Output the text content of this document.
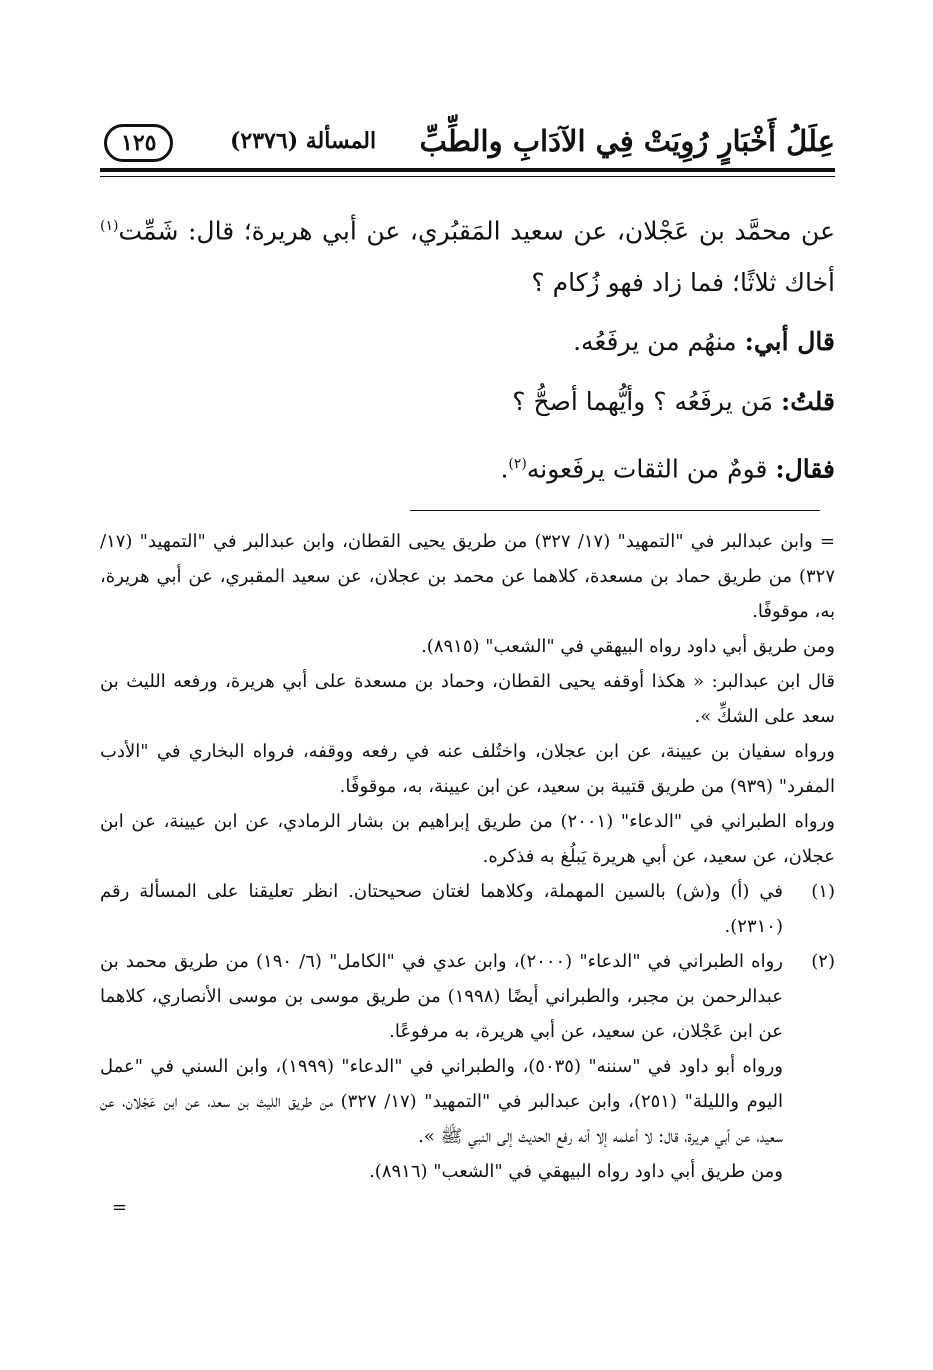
عِلَلُ أَخْبَارٍ رُوِيَتْ فِي الآدَابِ والطِّبِّ
المسألة (٢٣٧٦)
١٢٥

عن محمَّد بن عَجْلان، عن سعيد المَقبُري، عن أبي هريرة؛ قال: شَمِّت$^{(١)}$ أخاك ثلاثًا؛ فما زاد فهو زُكام ؟

قال أبي: منهُم من يرفَعُه.
قلتُ: مَن يرفَعُه ؟ وأيُّهما أصحُّ ؟
فقال: قومٌ من الثقات يرفَعونه$^{(٢)}$.

= وابن عبدالبر في "التمهيد" (١٧/ ٣٢٧) من طريق يحيى القطان، وابن عبدالبر في "التمهيد" (١٧/ ٣٢٧) من طريق حماد بن مسعدة، كلاهما عن محمد بن عجلان، عن سعيد المقبري، عن أبي هريرة، به، موقوفًا.

ومن طريق أبي داود رواه البيهقي في "الشعب" (٨٩١٥).

قال ابن عبدالبر: « هكذا أوقفه يحيى القطان، وحماد بن مسعدة على أبي هريرة، ورفعه الليث بن سعد على الشكِّ ».

ورواه سفيان بن عيينة، عن ابن عجلان، واختُلف عنه في رفعه ووقفه، فرواه البخاري في "الأدب المفرد" (٩٣٩) من طريق قتيبة بن سعيد، عن ابن عيينة، به، موقوفًا.

ورواه الطبراني في "الدعاء" (٢٠٠١) من طريق إبراهيم بن بشار الرمادي، عن ابن عيينة، عن ابن عجلان، عن سعيد، عن أبي هريرة يَبلُغ به فذكره.

(١)
في (أ) و(ش) بالسين المهملة، وكلاهما لغتان صحيحتان. انظر تعليقنا على المسألة رقم (٢٣١٠).

(٢)
رواه الطبراني في "الدعاء" (٢٠٠٠)، وابن عدي في "الكامل" (٦/ ١٩٠) من طريق محمد بن عبدالرحمن بن مجبر، والطبراني أيضًا (١٩٩٨) من طريق موسى بن موسى الأنصاري، كلاهما عن ابن عَجْلان، عن سعيد، عن أبي هريرة، به مرفوعًا.

ورواه أبو داود في "سننه" (٥٠٣٥)، والطبراني في "الدعاء" (١٩٩٩)، وابن السني في "عمل اليوم والليلة" (٢٥١)، وابن عبدالبر في "التمهيد" (١٧/ ٣٢٧) من طريق الليث بن سعد، عن ابن عَجْلان، عن سعيد، عن أبي هريرة، قال: لا أعلمه إلا أنه رفع الحديث إلى النبي ﷺ ».

ومن طريق أبي داود رواه البيهقي في "الشعب" (٨٩١٦).

=
